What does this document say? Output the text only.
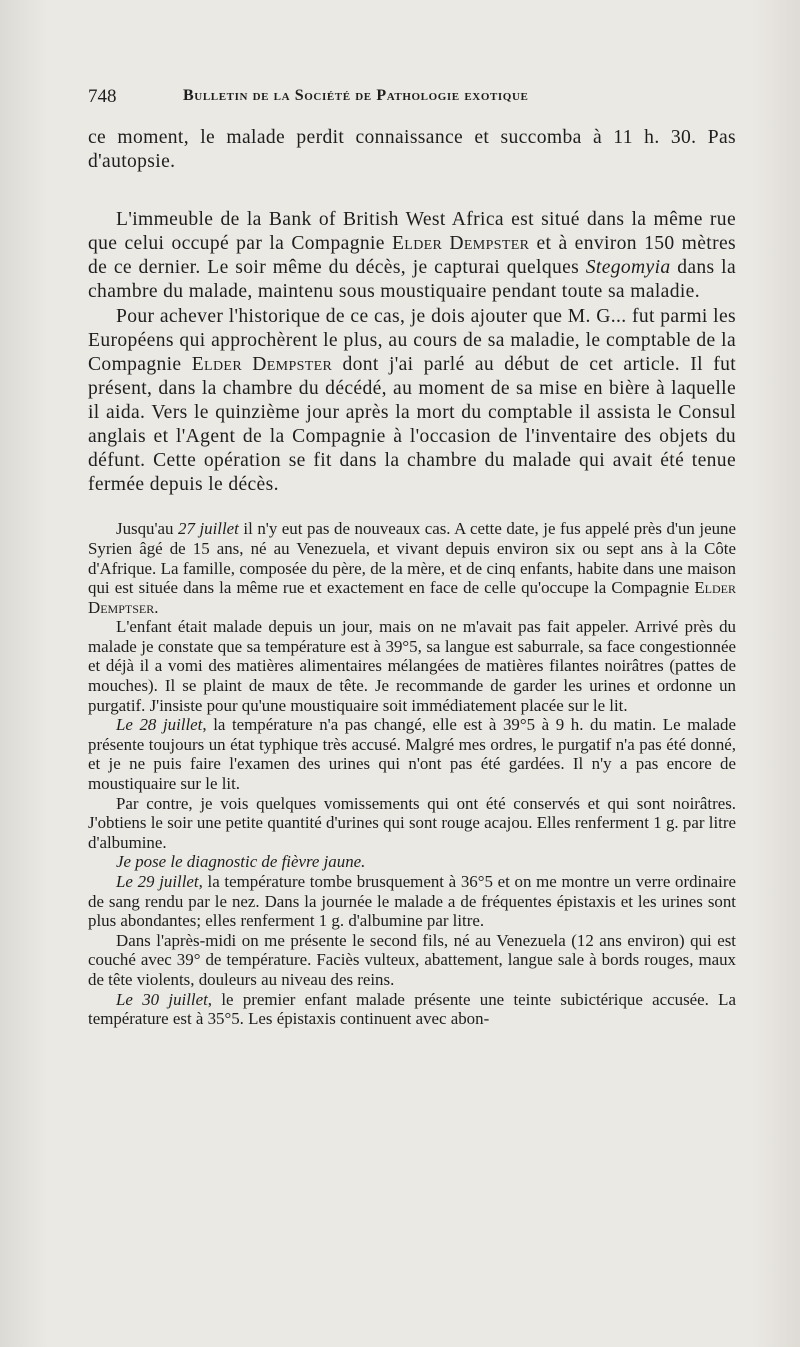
748	Bulletin de la Société de Pathologie exotique

ce moment, le malade perdit connaissance et succomba à 11 h. 30. Pas d'autopsie.

L'immeuble de la Bank of British West Africa est situé dans la même rue que celui occupé par la Compagnie Elder Dempster et à environ 150 mètres de ce dernier. Le soir même du décès, je capturai quelques Stegomyia dans la chambre du malade, maintenu sous moustiquaire pendant toute sa maladie.

Pour achever l'historique de ce cas, je dois ajouter que M. G... fut parmi les Européens qui approchèrent le plus, au cours de sa maladie, le comptable de la Compagnie Elder Dempster dont j'ai parlé au début de cet article. Il fut présent, dans la chambre du décédé, au moment de sa mise en bière à laquelle il aida. Vers le quinzième jour après la mort du comptable il assista le Consul anglais et l'Agent de la Compagnie à l'occasion de l'inventaire des objets du défunt. Cette opération se fit dans la chambre du malade qui avait été tenue fermée depuis le décès.

Jusqu'au 27 juillet il n'y eut pas de nouveaux cas. A cette date, je fus appelé près d'un jeune Syrien âgé de 15 ans, né au Venezuela, et vivant depuis environ six ou sept ans à la Côte d'Afrique. La famille, composée du père, de la mère, et de cinq enfants, habite dans une maison qui est située dans la même rue et exactement en face de celle qu'occupe la Compagnie Elder Demptser.

L'enfant était malade depuis un jour, mais on ne m'avait pas fait appeler. Arrivé près du malade je constate que sa température est à 39°5, sa langue est saburrale, sa face congestionnée et déjà il a vomi des matières alimentaires mélangées de matières filantes noirâtres (pattes de mouches). Il se plaint de maux de tête. Je recommande de garder les urines et ordonne un purgatif. J'insiste pour qu'une moustiquaire soit immédiatement placée sur le lit.

Le 28 juillet, la température n'a pas changé, elle est à 39°5 à 9 h. du matin. Le malade présente toujours un état typhique très accusé. Malgré mes ordres, le purgatif n'a pas été donné, et je ne puis faire l'examen des urines qui n'ont pas été gardées. Il n'y a pas encore de moustiquaire sur le lit.

Par contre, je vois quelques vomissements qui ont été conservés et qui sont noirâtres. J'obtiens le soir une petite quantité d'urines qui sont rouge acajou. Elles renferment 1 g. par litre d'albumine.

Je pose le diagnostic de fièvre jaune.

Le 29 juillet, la température tombe brusquement à 36°5 et on me montre un verre ordinaire de sang rendu par le nez. Dans la journée le malade a de fréquentes épistaxis et les urines sont plus abondantes; elles renferment 1 g. d'albumine par litre.

Dans l'après-midi on me présente le second fils, né au Venezuela (12 ans environ) qui est couché avec 39° de température. Faciès vulteux, abattement, langue sale à bords rouges, maux de tête violents, douleurs au niveau des reins.

Le 30 juillet, le premier enfant malade présente une teinte subictérique accusée. La température est à 35°5. Les épistaxis continuent avec abon-
